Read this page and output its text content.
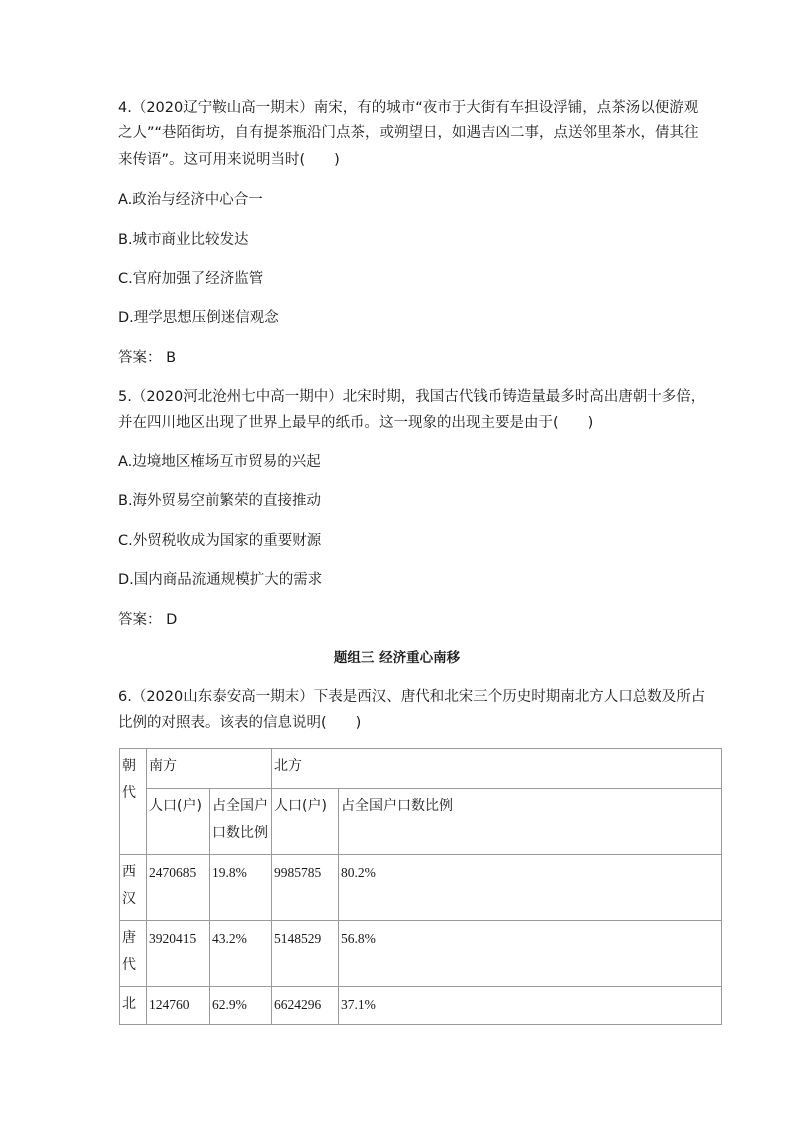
4.（2020辽宁鞍山高一期末）南宋，有的城市“夜市于大街有车担设浮铺，点茶汤以便游观
之人”“巷陌街坊，自有提茶瓶沿门点茶，或朔望日，如遇吉凶二事，点送邻里茶水，倩其往
来传语”。这可用来说明当时(　　)
A.政治与经济中心合一
B.城市商业比较发达
C.官府加强了经济监管
D.理学思想压倒迷信观念
答案： B
5.（2020河北沧州七中高一期中）北宋时期，我国古代钱币铸造量最多时高出唐朝十多倍，
并在四川地区出现了世界上最早的纸币。这一现象的出现主要是由于(　　)
A.边境地区榷场互市贸易的兴起
B.海外贸易空前繁荣的直接推动
C.外贸税收成为国家的重要财源
D.国内商品流通规模扩大的需求
答案： D
题组三 经济重心南移
6.（2020山东泰安高一期末）下表是西汉、唐代和北宋三个历史时期南北方人口总数及所占
比例的对照表。该表的信息说明(　　)
朝代	南方		北方	
	人口(户)	占全国户口数比例	人口(户)	占全国户口数比例
西汉	2470685	19.8%	9985785	80.2%
唐代	3920415	43.2%	5148529	56.8%
北	124760	62.9%	6624296	37.1%
